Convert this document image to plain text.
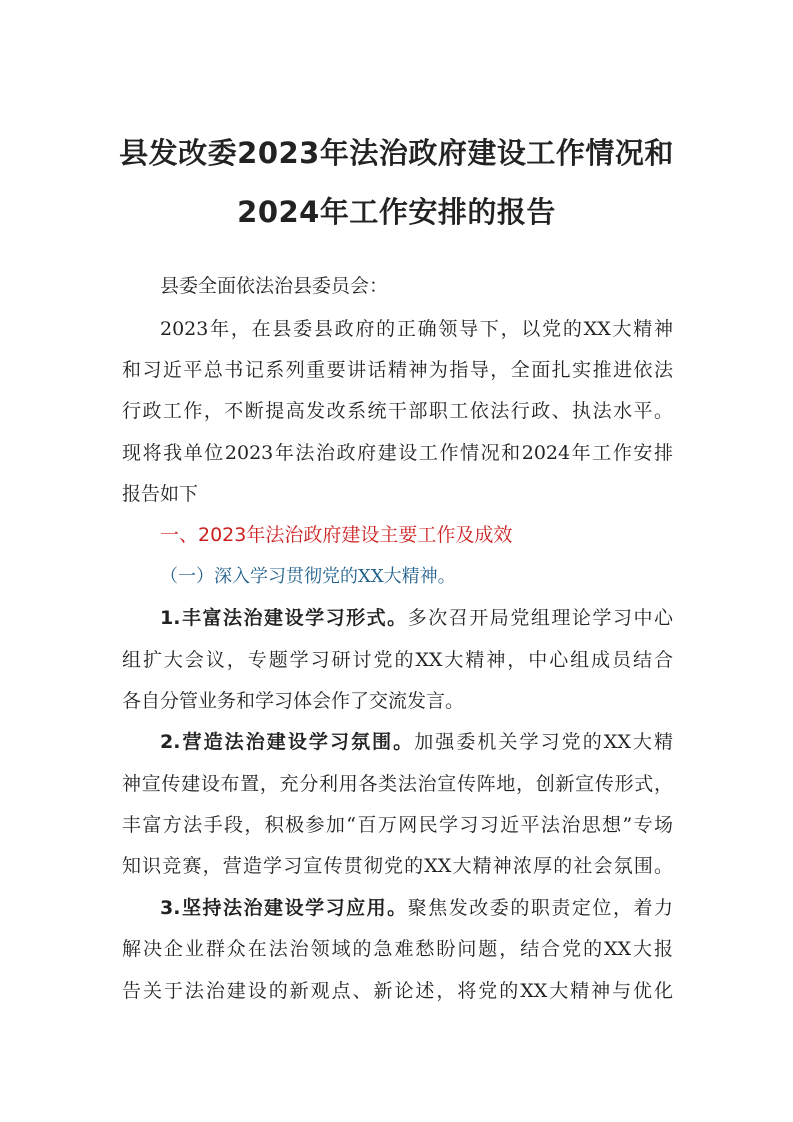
县发改委2023年法治政府建设工作情况和
2024年工作安排的报告
县委全面依法治县委员会：
2023年，在县委县政府的正确领导下，以党的XX大精神
和习近平总书记系列重要讲话精神为指导，全面扎实推进依法
行政工作，不断提高发改系统干部职工依法行政、执法水平。
现将我单位2023年法治政府建设工作情况和2024年工作安排
报告如下
一、2023年法治政府建设主要工作及成效
（一）深入学习贯彻党的XX大精神。
1.丰富法治建设学习形式。多次召开局党组理论学习中心
组扩大会议，专题学习研讨党的XX大精神，中心组成员结合
各自分管业务和学习体会作了交流发言。
2.营造法治建设学习氛围。加强委机关学习党的XX大精
神宣传建设布置，充分利用各类法治宣传阵地，创新宣传形式，
丰富方法手段，积极参加“百万网民学习习近平法治思想”专场
知识竞赛，营造学习宣传贯彻党的XX大精神浓厚的社会氛围。
3.坚持法治建设学习应用。聚焦发改委的职责定位，着力
解决企业群众在法治领域的急难愁盼问题，结合党的XX大报
告关于法治建设的新观点、新论述，将党的XX大精神与优化
